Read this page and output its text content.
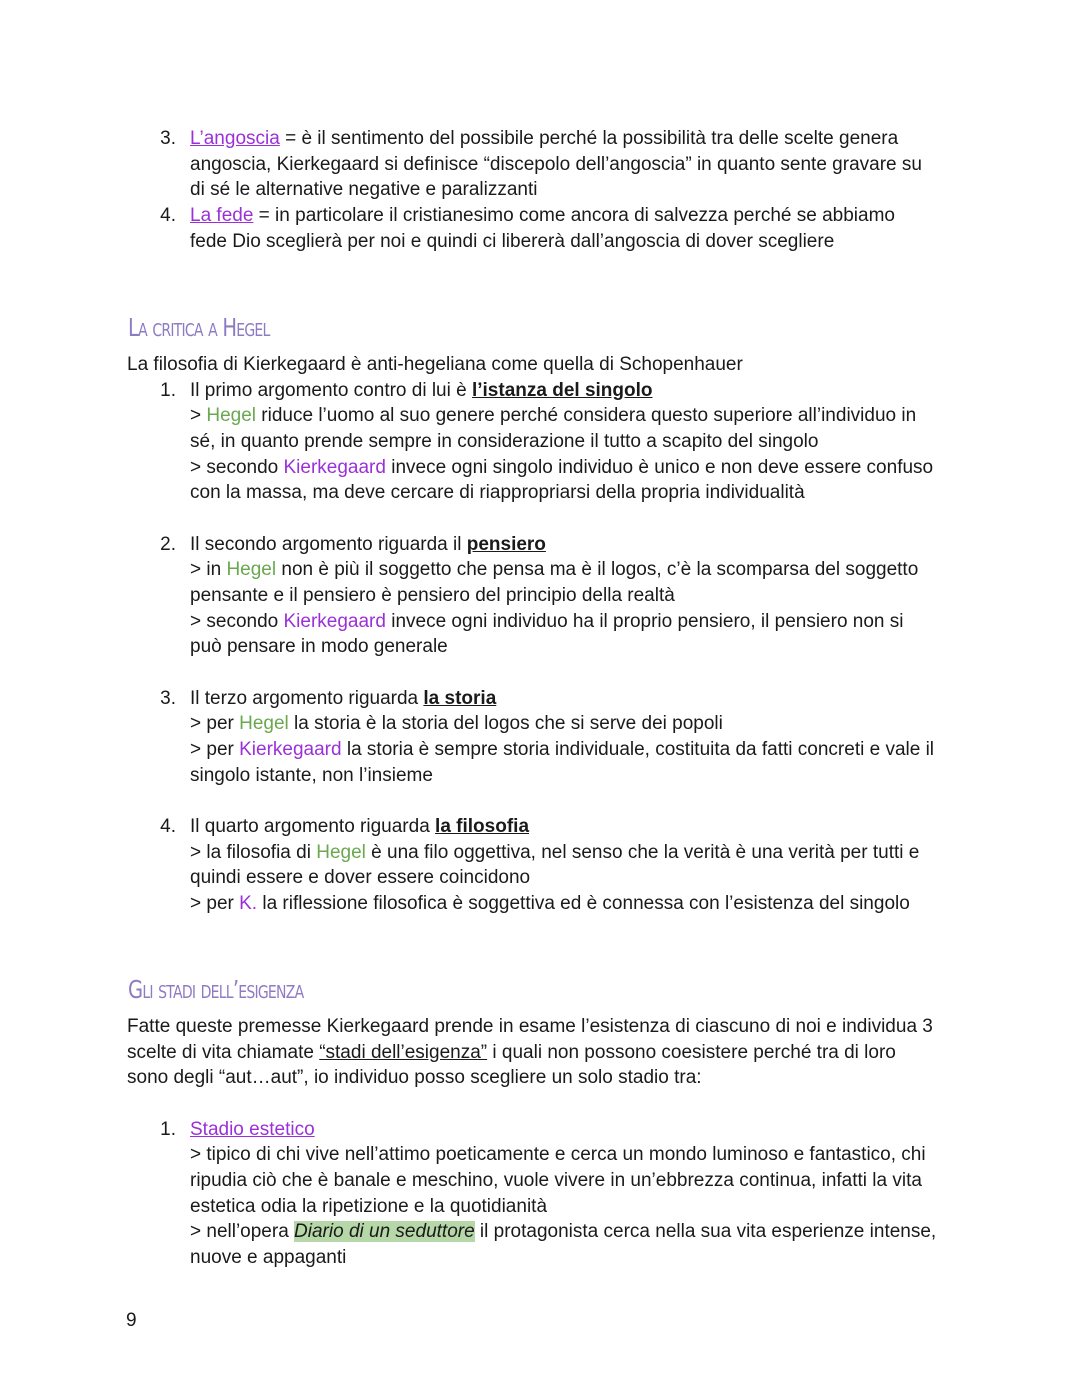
3. L’angoscia = è il sentimento del possibile perché la possibilità tra delle scelte genera
angoscia, Kierkegaard si definisce “discepolo dell’angoscia” in quanto sente gravare su
di sé le alternative negative e paralizzanti
4. La fede = in particolare il cristianesimo come ancora di salvezza perché se abbiamo
fede Dio sceglierà per noi e quindi ci libererà dall’angoscia di dover scegliere
La critica a Hegel
La filosofia di Kierkegaard è anti-hegeliana come quella di Schopenhauer
1. Il primo argomento contro di lui è l’istanza del singolo
> Hegel riduce l’uomo al suo genere perché considera questo superiore all’individuo in
sé, in quanto prende sempre in considerazione il tutto a scapito del singolo
> secondo Kierkegaard invece ogni singolo individuo è unico e non deve essere confuso
con la massa, ma deve cercare di riappropriarsi della propria individualità
2. Il secondo argomento riguarda il pensiero
> in Hegel non è più il soggetto che pensa ma è il logos, c’è la scomparsa del soggetto
pensante e il pensiero è pensiero del principio della realtà
> secondo Kierkegaard invece ogni individuo ha il proprio pensiero, il pensiero non si
può pensare in modo generale
3. Il terzo argomento riguarda la storia
> per Hegel la storia è la storia del logos che si serve dei popoli
> per Kierkegaard la storia è sempre storia individuale, costituita da fatti concreti e vale il
singolo istante, non l’insieme
4. Il quarto argomento riguarda la filosofia
> la filosofia di Hegel è una filo oggettiva, nel senso che la verità è una verità per tutti e
quindi essere e dover essere coincidono
> per K. la riflessione filosofica è soggettiva ed è connessa con l’esistenza del singolo
Gli stadi dell’esigenza
Fatte queste premesse Kierkegaard prende in esame l’esistenza di ciascuno di noi e individua 3
scelte di vita chiamate “stadi dell’esigenza” i quali non possono coesistere perché tra di loro
sono degli “aut…aut”, io individuo posso scegliere un solo stadio tra:
1. Stadio estetico
> tipico di chi vive nell’attimo poeticamente e cerca un mondo luminoso e fantastico, chi
ripudia ciò che è banale e meschino, vuole vivere in un’ebbrezza continua, infatti la vita
estetica odia la ripetizione e la quotidianità
> nell’opera Diario di un seduttore il protagonista cerca nella sua vita esperienze intense,
nuove e appaganti
9
